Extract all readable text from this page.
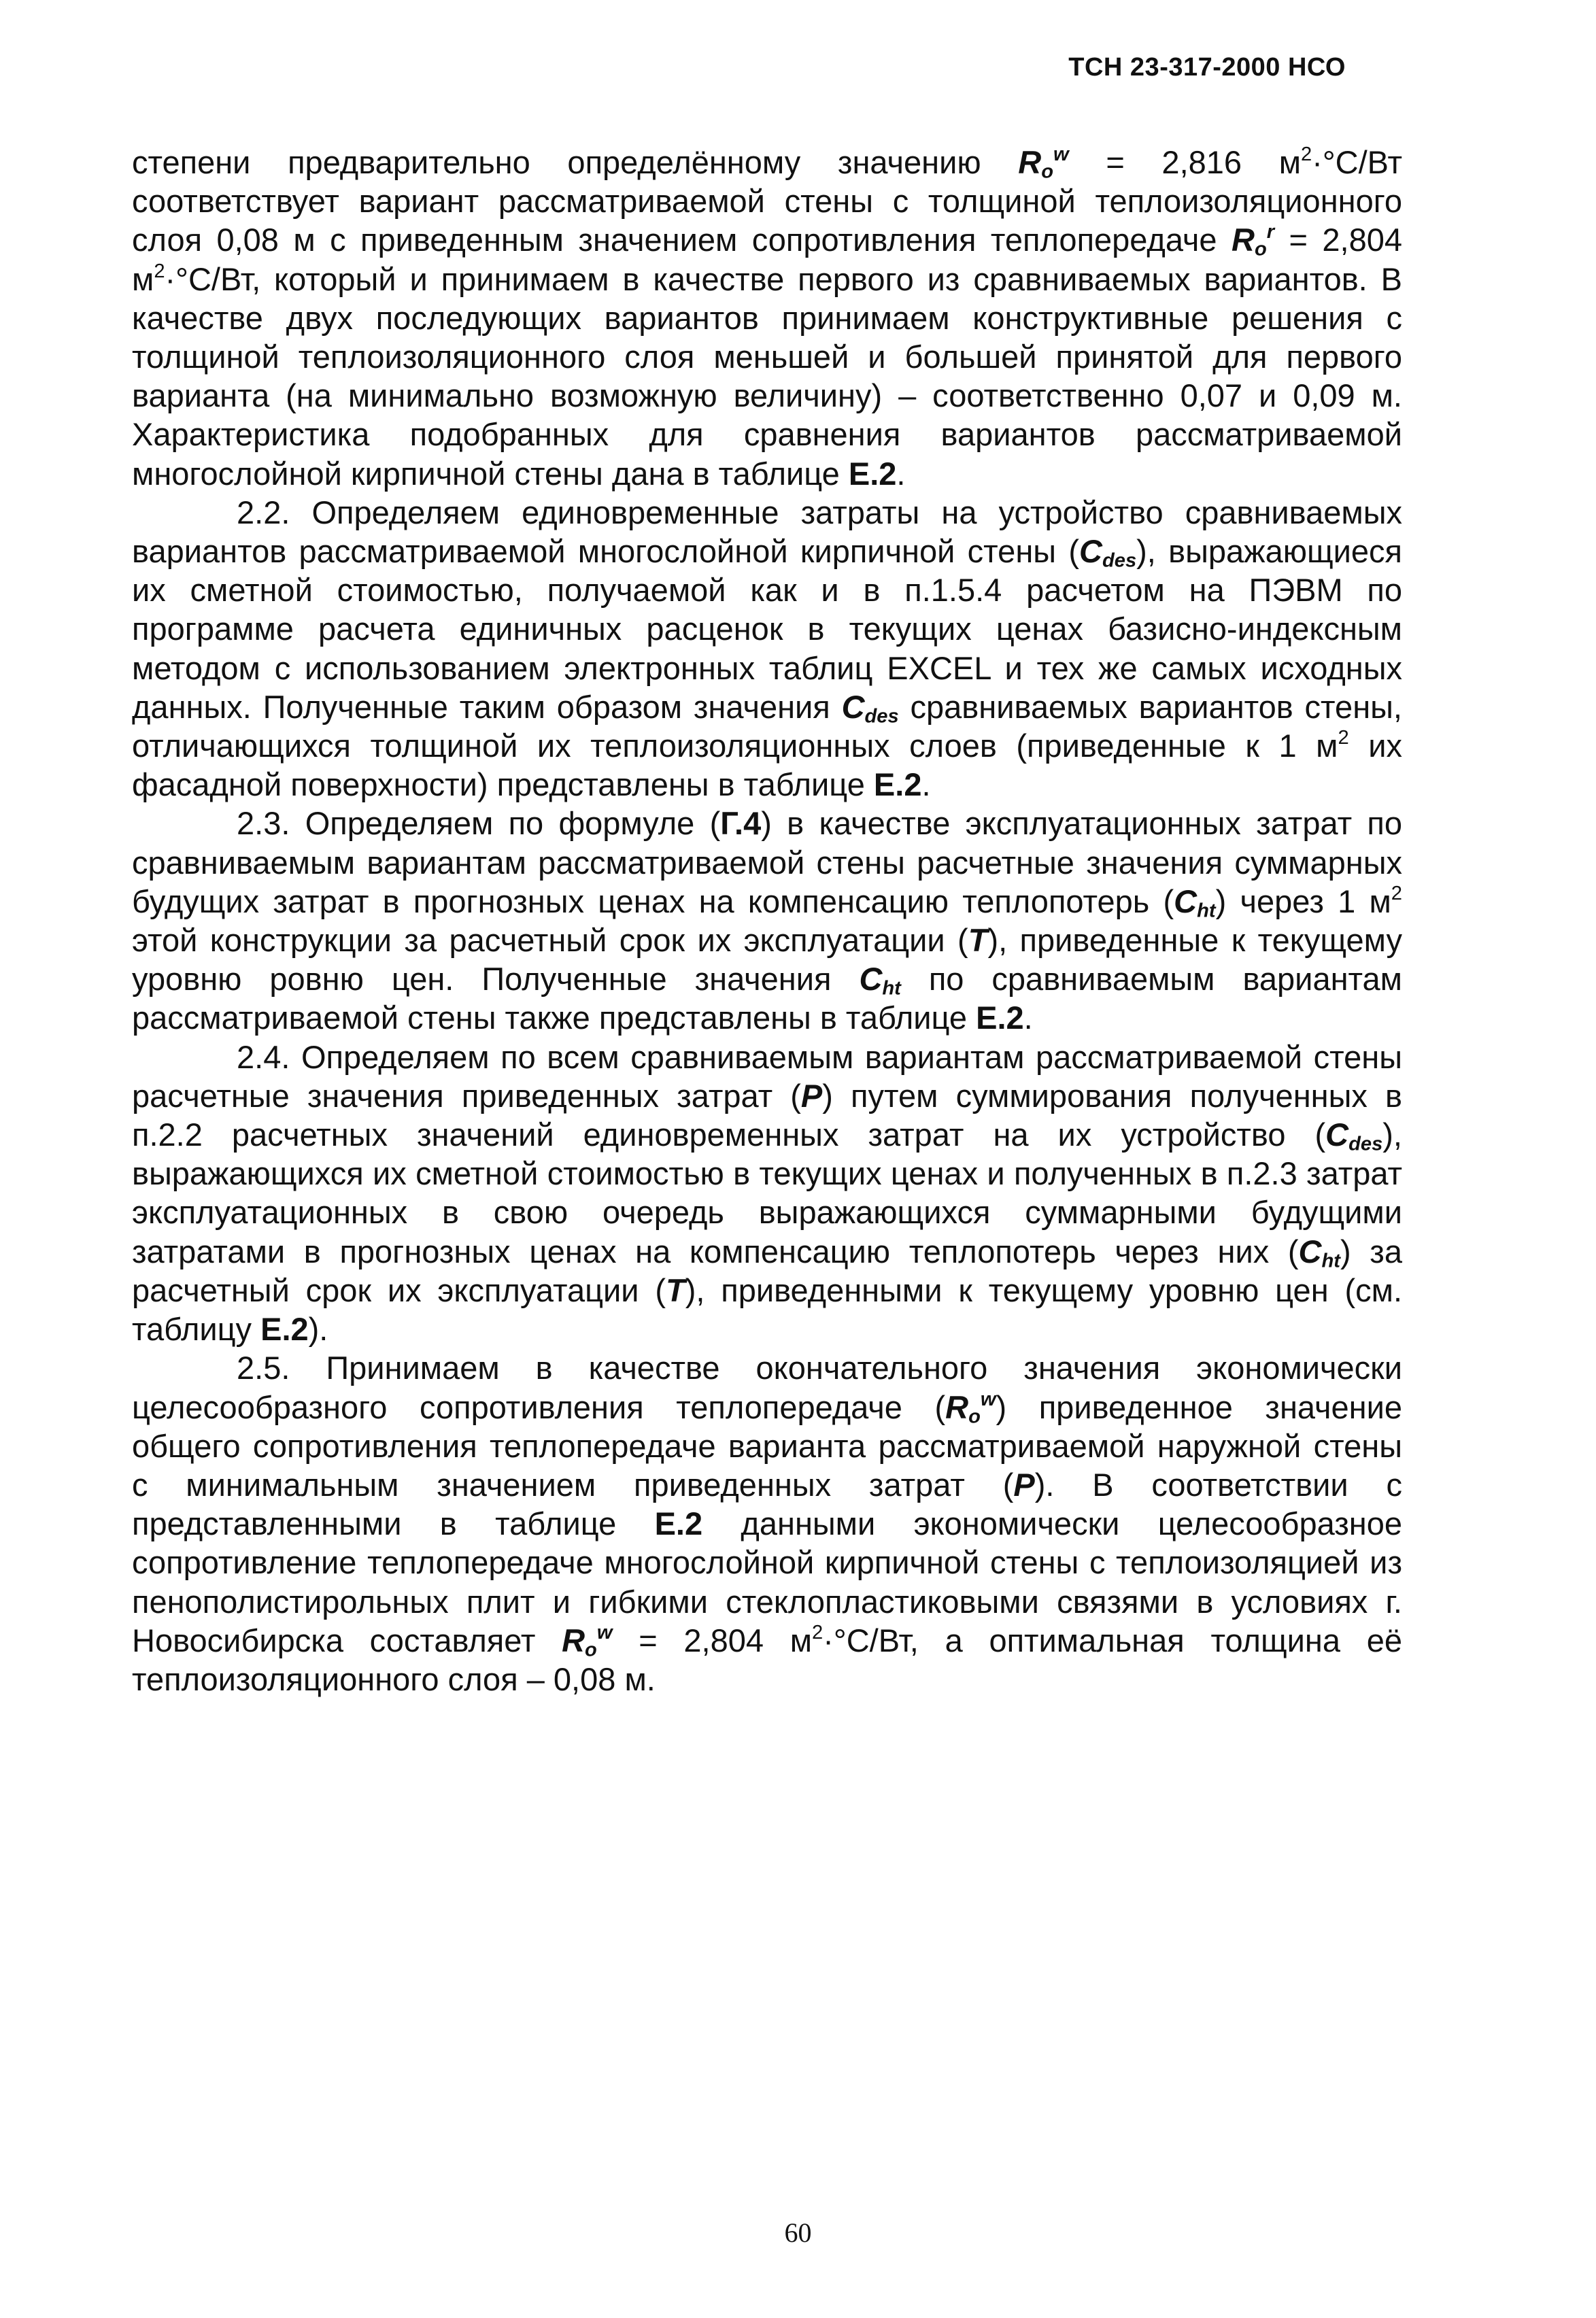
ТСН 23-317-2000 НСО

степени предварительно определённому значению $R_o^w = 2,816$ $м^2\cdot^\circ С/Вт$ соответствует вариант рассматриваемой стены с толщиной теплоизоляционного слоя 0,08 м с приведенным значением сопротивления теплопередаче $R_o^r = 2,804$ $м^2\cdot^\circ С/Вт$, который и принимаем в качестве первого из сравниваемых вариантов. В качестве двух последующих вариантов принимаем конструктивные решения с толщиной теплоизоляционного слоя меньшей и большей принятой для первого варианта (на минимально возможную величину) – соответственно 0,07 и 0,09 м. Характеристика подобранных для сравнения вариантов рассматриваемой многослойной кирпичной стены дана в таблице Е.2.

2.2. Определяем единовременные затраты на устройство сравниваемых вариантов рассматриваемой многослойной кирпичной стены $(C_{des})$, выражающиеся их сметной стоимостью, получаемой как и в п.1.5.4 расчетом на ПЭВМ по программе расчета единичных расценок в текущих ценах базисно-индексным методом с использованием электронных таблиц EXCEL и тех же самых исходных данных. Полученные таким образом значения $C_{des}$ сравниваемых вариантов стены, отличающихся толщиной их теплоизоляционных слоев (приведенные к 1 $м^2$ их фасадной поверхности) представлены в таблице Е.2.

2.3. Определяем по формуле (Г.4) в качестве эксплуатационных затрат по сравниваемым вариантам рассматриваемой стены расчетные значения суммарных будущих затрат в прогнозных ценах на компенсацию теплопотерь $(C_{ht})$ через 1 $м^2$ этой конструкции за расчетный срок их эксплуатации (T), приведенные к текущему уровню ровню цен. Полученные значения $C_{ht}$ по сравниваемым вариантам рассматриваемой стены также представлены в таблице Е.2.

2.4. Определяем по всем сравниваемым вариантам рассматриваемой стены расчетные значения приведенных затрат (P) путем суммирования полученных в п.2.2 расчетных значений единовременных затрат на их устройство $(C_{des})$, выражающихся их сметной стоимостью в текущих ценах и полученных в п.2.3 затрат эксплуатационных в свою очередь выражающихся суммарными будущими затратами в прогнозных ценах на компенсацию теплопотерь через них $(C_{ht})$ за расчетный срок их эксплуатации (T), приведенными к текущему уровню цен (см. таблицу Е.2).

2.5. Принимаем в качестве окончательного значения экономически целесообразного сопротивления теплопередаче $(R_o^w)$ приведенное значение общего сопротивления теплопередаче варианта рассматриваемой наружной стены с минимальным значением приведенных затрат (P). В соответствии с представленными в таблице Е.2 данными экономически целесообразное сопротивление теплопередаче многослойной кирпичной стены с теплоизоляцией из пенополистирольных плит и гибкими стеклопластиковыми связями в условиях г. Новосибирска составляет $R_o^w = 2,804$ $м^2\cdot^\circ С/Вт$, а оптимальная толщина её теплоизоляционного слоя – 0,08 м.

60
